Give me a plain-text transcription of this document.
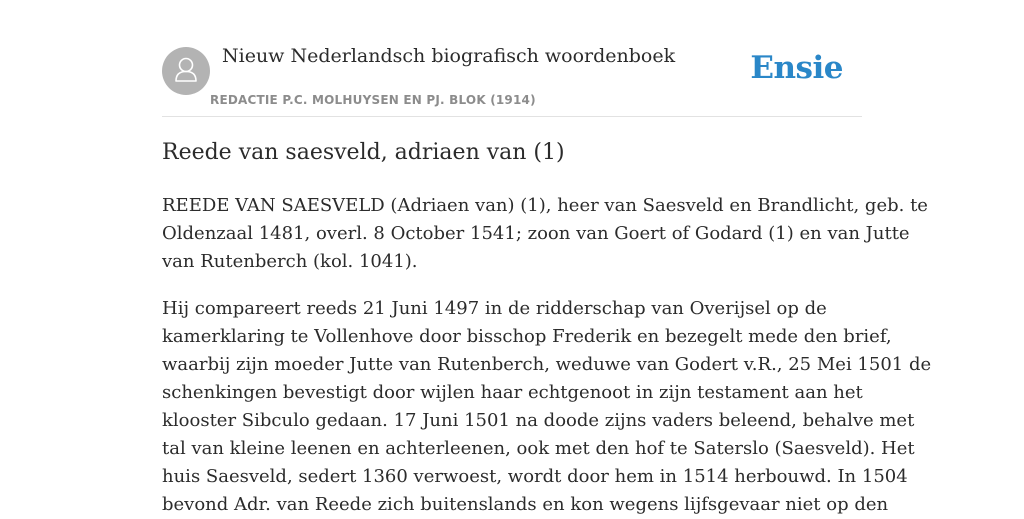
Nieuw Nederlandsch biografisch woordenboek
REDACTIE P.C. MOLHUYSEN EN PJ. BLOK (1914)
Ensie
Reede van saesveld, adriaen van (1)

REEDE VAN SAESVELD (Adriaen van) (1), heer van Saesveld en Brandlicht, geb. te
Oldenzaal 1481, overl. 8 October 1541; zoon van Goert of Godard (1) en van Jutte
van Rutenberch (kol. 1041).

Hij compareert reeds 21 Juni 1497 in de ridderschap van Overijsel op de
kamerklaring te Vollenhove door bisschop Frederik en bezegelt mede den brief,
waarbij zijn moeder Jutte van Rutenberch, weduwe van Godert v.R., 25 Mei 1501 de
schenkingen bevestigt door wijlen haar echtgenoot in zijn testament aan het
klooster Sibculo gedaan. 17 Juni 1501 na doode zijns vaders beleend, behalve met
tal van kleine leenen en achterleenen, ook met den hof te Saterslo (Saesveld). Het
huis Saesveld, sedert 1360 verwoest, wordt door hem in 1514 herbouwd. In 1504
bevond Adr. van Reede zich buitenslands en kon wegens lijfsgevaar niet op den
